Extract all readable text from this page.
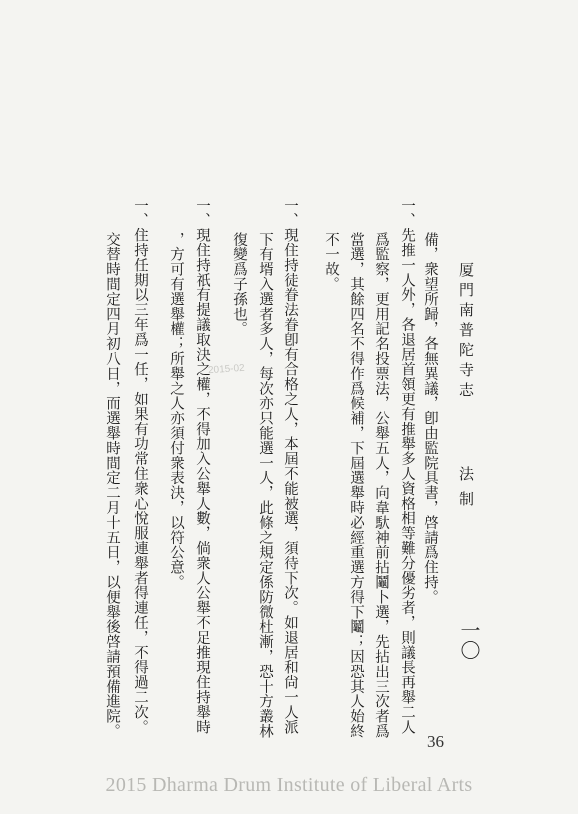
厦門南普陀寺志
法制
一〇
備，衆望所歸，各無異議，卽由監院具書，啓請爲住持。
一、先推一人外，各退居首領更有推舉多人資格相等難分優劣者，則議長再舉二人
爲監察，更用記名投票法，公舉五人，向韋馱神前拈鬮卜選，先拈出三次者爲
當選，其餘四名不得作爲候補，下屆選舉時必經重選方得下鬮；因恐其人始終
不一故。
一、現住持徒眷法眷卽有合格之人，本屆不能被選，須待下次。如退居和尙一人派
下有壻入選者多人，每次亦只能選一人，此條之規定係防微杜漸，恐十方叢林
復變爲子孫也。
一、現住持祇有提議取決之權，不得加入公舉人數，倘衆人公舉不足推現住持舉時
，方可有選舉權；所舉之人亦須付衆表決，以符公意。
一、住持任期以三年爲一任，如果有功常住衆心悅服連舉者得連任，不得過二次。
交替時間定四月初八日，而選舉時間定二月十五日，以便舉後啓請預備進院。	2015-02
36
2015 Dharma Drum Institute of Liberal Arts
